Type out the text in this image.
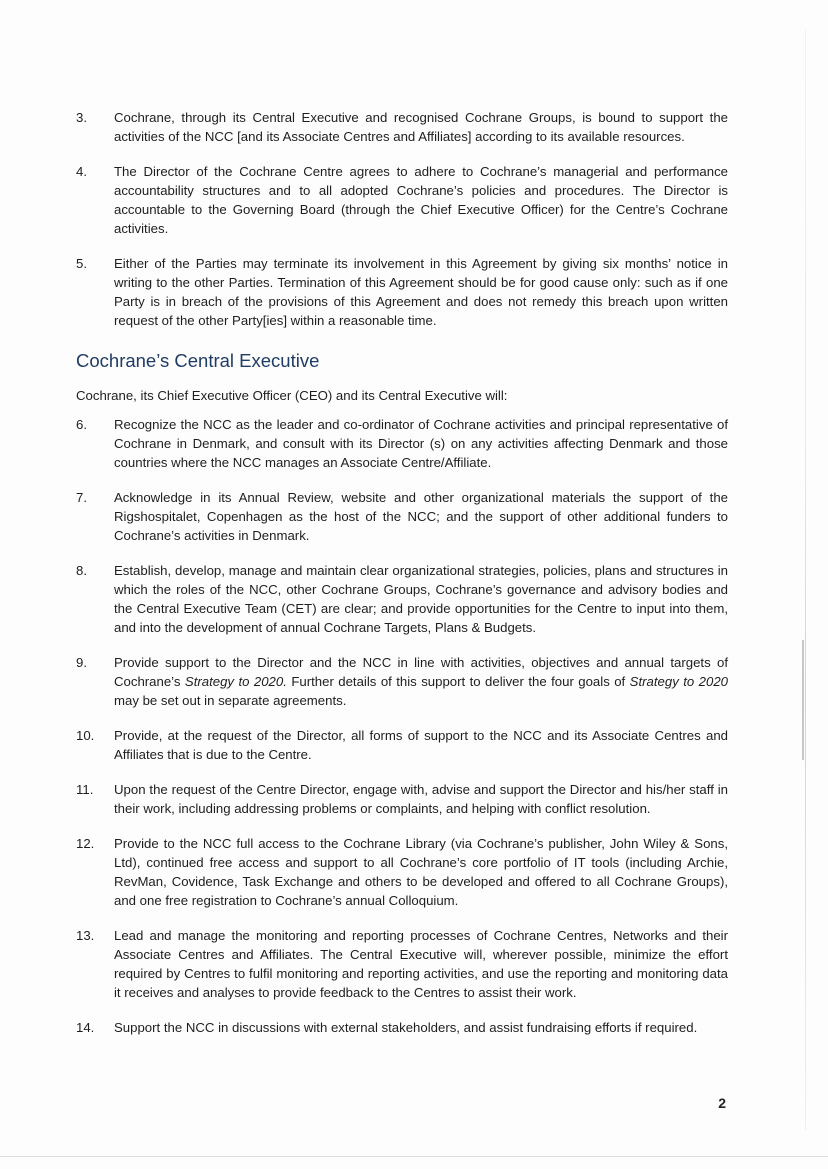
3.	Cochrane, through its Central Executive and recognised Cochrane Groups, is bound to support the activities of the NCC [and its Associate Centres and Affiliates] according to its available resources.
4.	The Director of the Cochrane Centre agrees to adhere to Cochrane’s managerial and performance accountability structures and to all adopted Cochrane’s policies and procedures. The Director is accountable to the Governing Board (through the Chief Executive Officer) for the Centre’s Cochrane activities.
5.	Either of the Parties may terminate its involvement in this Agreement by giving six months’ notice in writing to the other Parties. Termination of this Agreement should be for good cause only: such as if one Party is in breach of the provisions of this Agreement and does not remedy this breach upon written request of the other Party[ies] within a reasonable time.
Cochrane’s Central Executive
Cochrane, its Chief Executive Officer (CEO) and its Central Executive will:
6.	Recognize the NCC as the leader and co-ordinator of Cochrane activities and principal representative of Cochrane in Denmark, and consult with its Director (s) on any activities affecting Denmark and those countries where the NCC manages an Associate Centre/Affiliate.
7.	Acknowledge in its Annual Review, website and other organizational materials the support of the Rigshospitalet, Copenhagen as the host of the NCC; and the support of other additional funders to Cochrane’s activities in Denmark.
8.	Establish, develop, manage and maintain clear organizational strategies, policies, plans and structures in which the roles of the NCC, other Cochrane Groups, Cochrane’s governance and advisory bodies and the Central Executive Team (CET) are clear; and provide opportunities for the Centre to input into them, and into the development of annual Cochrane Targets, Plans & Budgets.
9.	Provide support to the Director and the NCC in line with activities, objectives and annual targets of Cochrane’s Strategy to 2020. Further details of this support to deliver the four goals of Strategy to 2020 may be set out in separate agreements.
10.	Provide, at the request of the Director, all forms of support to the NCC and its Associate Centres and Affiliates that is due to the Centre.
11.	Upon the request of the Centre Director, engage with, advise and support the Director and his/her staff in their work, including addressing problems or complaints, and helping with conflict resolution.
12.	Provide to the NCC full access to the Cochrane Library (via Cochrane’s publisher, John Wiley & Sons, Ltd), continued free access and support to all Cochrane’s core portfolio of IT tools (including Archie, RevMan, Covidence, Task Exchange and others to be developed and offered to all Cochrane Groups), and one free registration to Cochrane’s annual Colloquium.
13.	Lead and manage the monitoring and reporting processes of Cochrane Centres, Networks and their Associate Centres and Affiliates. The Central Executive will, wherever possible, minimize the effort required by Centres to fulfil monitoring and reporting activities, and use the reporting and monitoring data it receives and analyses to provide feedback to the Centres to assist their work.
14.	Support the NCC in discussions with external stakeholders, and assist fundraising efforts if required.
2
